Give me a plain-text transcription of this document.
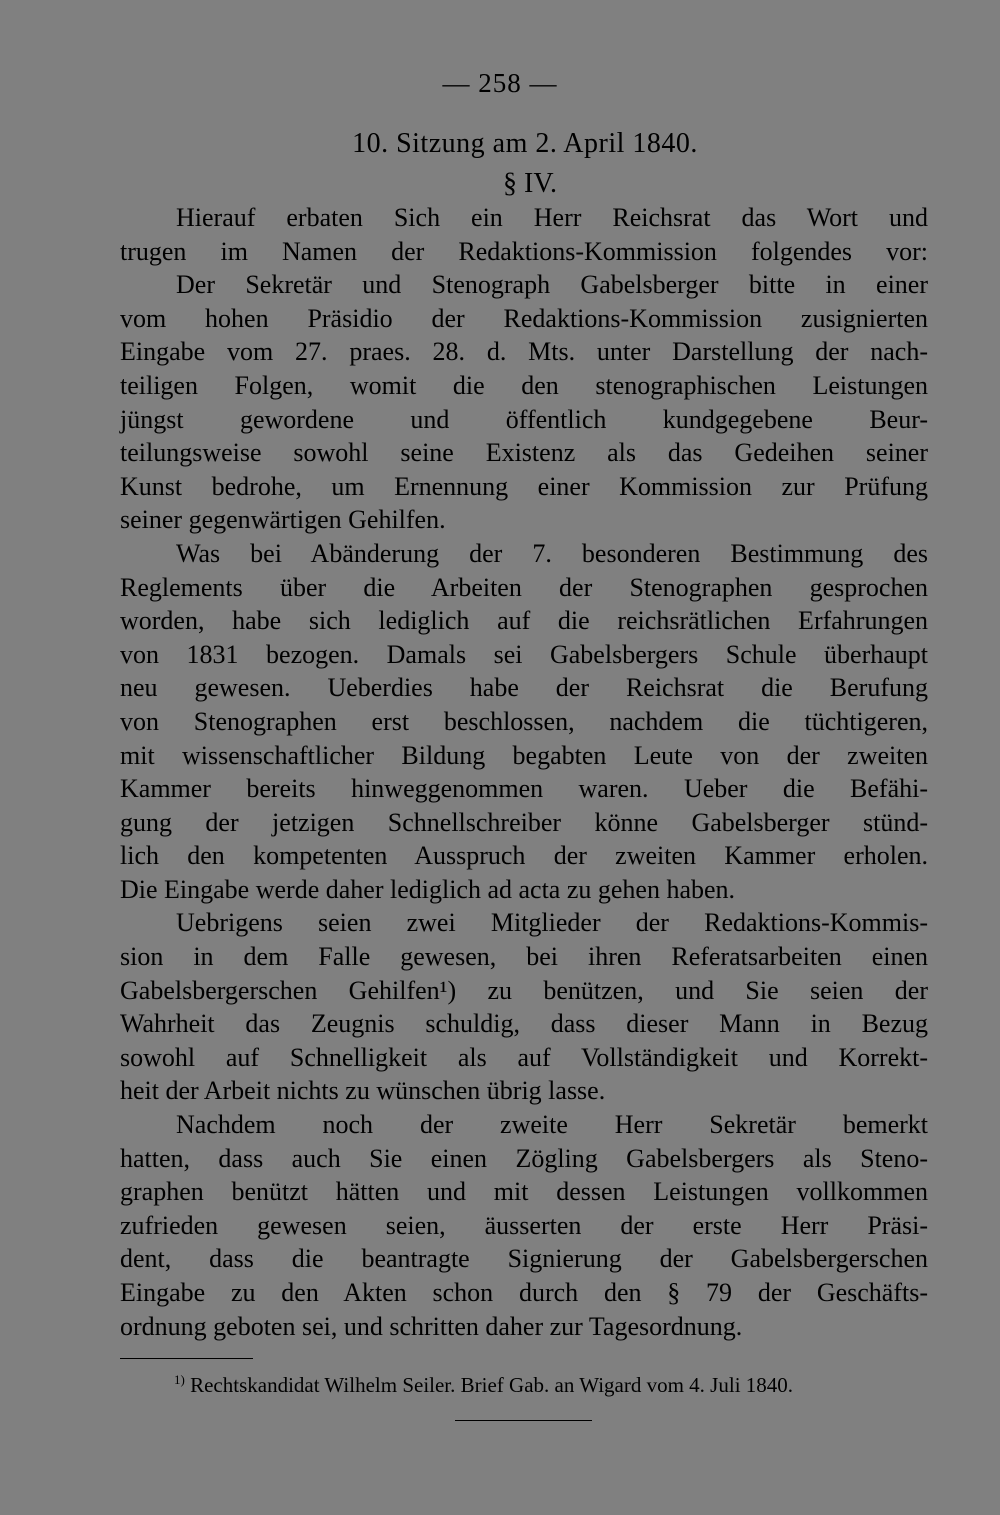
— 258 —
10. Sitzung am 2. April 1840.
§ IV.
Hierauf erbaten Sich ein Herr Reichsrat das Wort und
trugen im Namen der Redaktions-Kommission folgendes vor:
Der Sekretär und Stenograph Gabelsberger bitte in einer
vom hohen Präsidio der Redaktions-Kommission zusignierten
Eingabe vom 27. praes. 28. d. Mts. unter Darstellung der nach-
teiligen Folgen, womit die den stenographischen Leistungen
jüngst gewordene und öffentlich kundgegebene Beur-
teilungsweise sowohl seine Existenz als das Gedeihen seiner
Kunst bedrohe, um Ernennung einer Kommission zur Prüfung
seiner gegenwärtigen Gehilfen.
Was bei Abänderung der 7. besonderen Bestimmung des
Reglements über die Arbeiten der Stenographen gesprochen
worden, habe sich lediglich auf die reichsrätlichen Erfahrungen
von 1831 bezogen. Damals sei Gabelsbergers Schule überhaupt
neu gewesen. Ueberdies habe der Reichsrat die Berufung
von Stenographen erst beschlossen, nachdem die tüchtigeren,
mit wissenschaftlicher Bildung begabten Leute von der zweiten
Kammer bereits hinweggenommen waren. Ueber die Befähi-
gung der jetzigen Schnellschreiber könne Gabelsberger stünd-
lich den kompetenten Ausspruch der zweiten Kammer erholen.
Die Eingabe werde daher lediglich ad acta zu gehen haben.
Uebrigens seien zwei Mitglieder der Redaktions-Kommis-
sion in dem Falle gewesen, bei ihren Referatsarbeiten einen
Gabelsbergerschen Gehilfen¹) zu benützen, und Sie seien der
Wahrheit das Zeugnis schuldig, dass dieser Mann in Bezug
sowohl auf Schnelligkeit als auf Vollständigkeit und Korrekt-
heit der Arbeit nichts zu wünschen übrig lasse.
Nachdem noch der zweite Herr Sekretär bemerkt
hatten, dass auch Sie einen Zögling Gabelsbergers als Steno-
graphen benützt hätten und mit dessen Leistungen vollkommen
zufrieden gewesen seien, äusserten der erste Herr Präsi-
dent, dass die beantragte Signierung der Gabelsbergerschen
Eingabe zu den Akten schon durch den § 79 der Geschäfts-
ordnung geboten sei, und schritten daher zur Tagesordnung.
$^{1)}$ Rechtskandidat Wilhelm Seiler. Brief Gab. an Wigard vom 4. Juli 1840.
